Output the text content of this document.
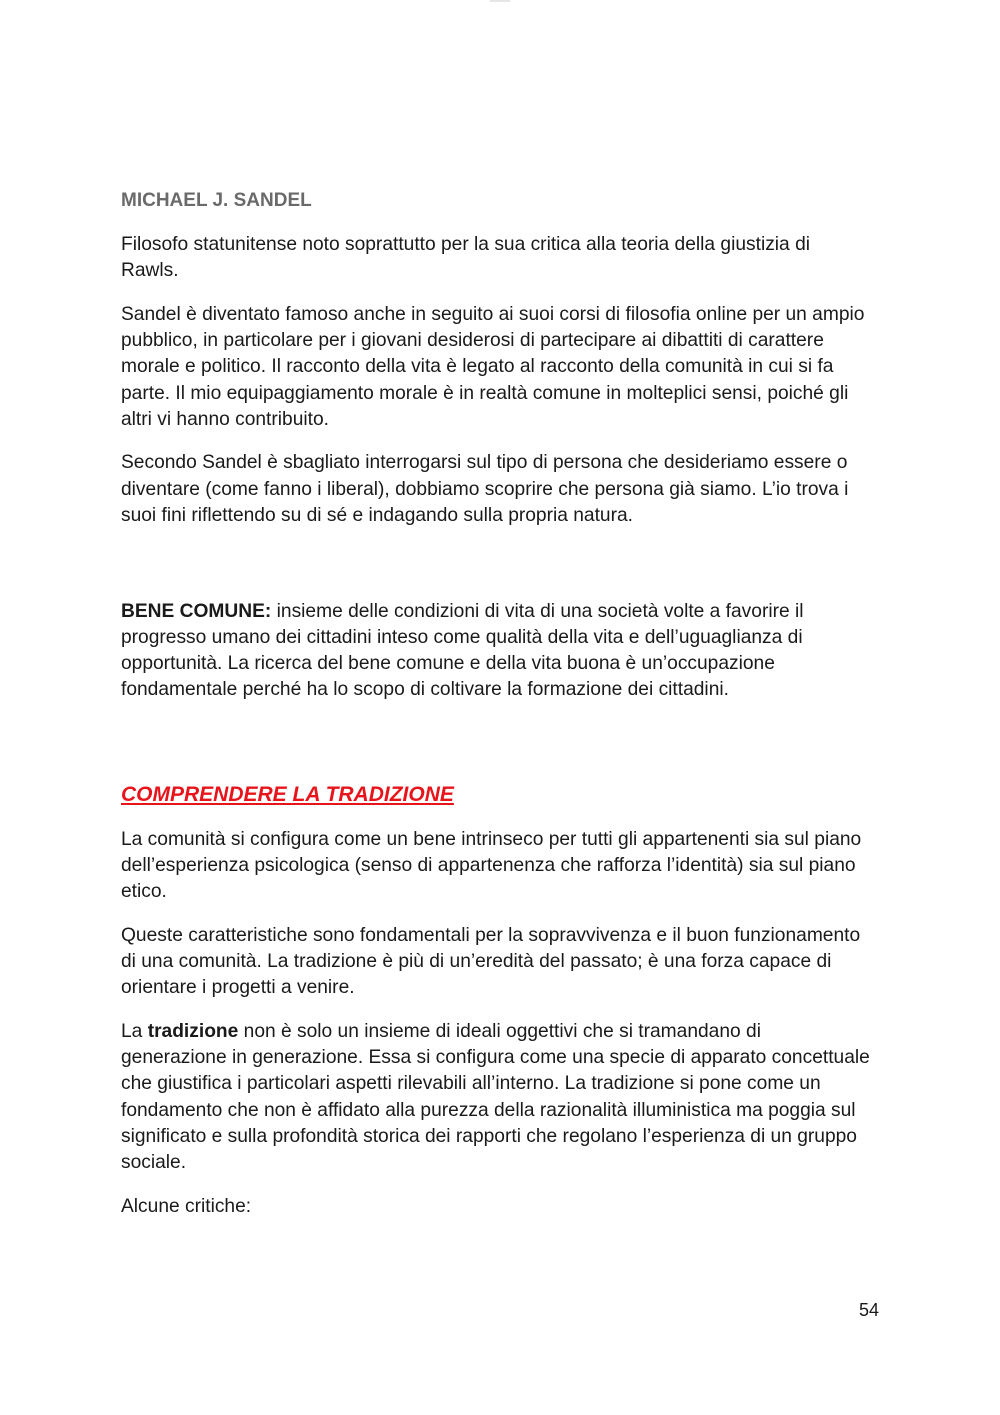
MICHAEL J. SANDEL

Filosofo statunitense noto soprattutto per la sua critica alla teoria della giustizia di Rawls.

Sandel è diventato famoso anche in seguito ai suoi corsi di filosofia online per un ampio pubblico, in particolare per i giovani desiderosi di partecipare ai dibattiti di carattere morale e politico. Il racconto della vita è legato al racconto della comunità in cui si fa parte. Il mio equipaggiamento morale è in realtà comune in molteplici sensi, poiché gli altri vi hanno contribuito.

Secondo Sandel è sbagliato interrogarsi sul tipo di persona che desideriamo essere o diventare (come fanno i liberal), dobbiamo scoprire che persona già siamo. L’io trova i suoi fini riflettendo su di sé e indagando sulla propria natura.

BENE COMUNE: insieme delle condizioni di vita di una società volte a favorire il progresso umano dei cittadini inteso come qualità della vita e dell’uguaglianza di opportunità. La ricerca del bene comune e della vita buona è un’occupazione fondamentale perché ha lo scopo di coltivare la formazione dei cittadini.

COMPRENDERE LA TRADIZIONE

La comunità si configura come un bene intrinseco per tutti gli appartenenti sia sul piano dell’esperienza psicologica (senso di appartenenza che rafforza l’identità) sia sul piano etico.

Queste caratteristiche sono fondamentali per la sopravvivenza e il buon funzionamento di una comunità. La tradizione è più di un’eredità del passato; è una forza capace di orientare i progetti a venire.

La tradizione non è solo un insieme di ideali oggettivi che si tramandano di generazione in generazione. Essa si configura come una specie di apparato concettuale che giustifica i particolari aspetti rilevabili all’interno. La tradizione si pone come un fondamento che non è affidato alla purezza della razionalità illuministica ma poggia sul significato e sulla profondità storica dei rapporti che regolano l’esperienza di un gruppo sociale.

Alcune critiche:

54
